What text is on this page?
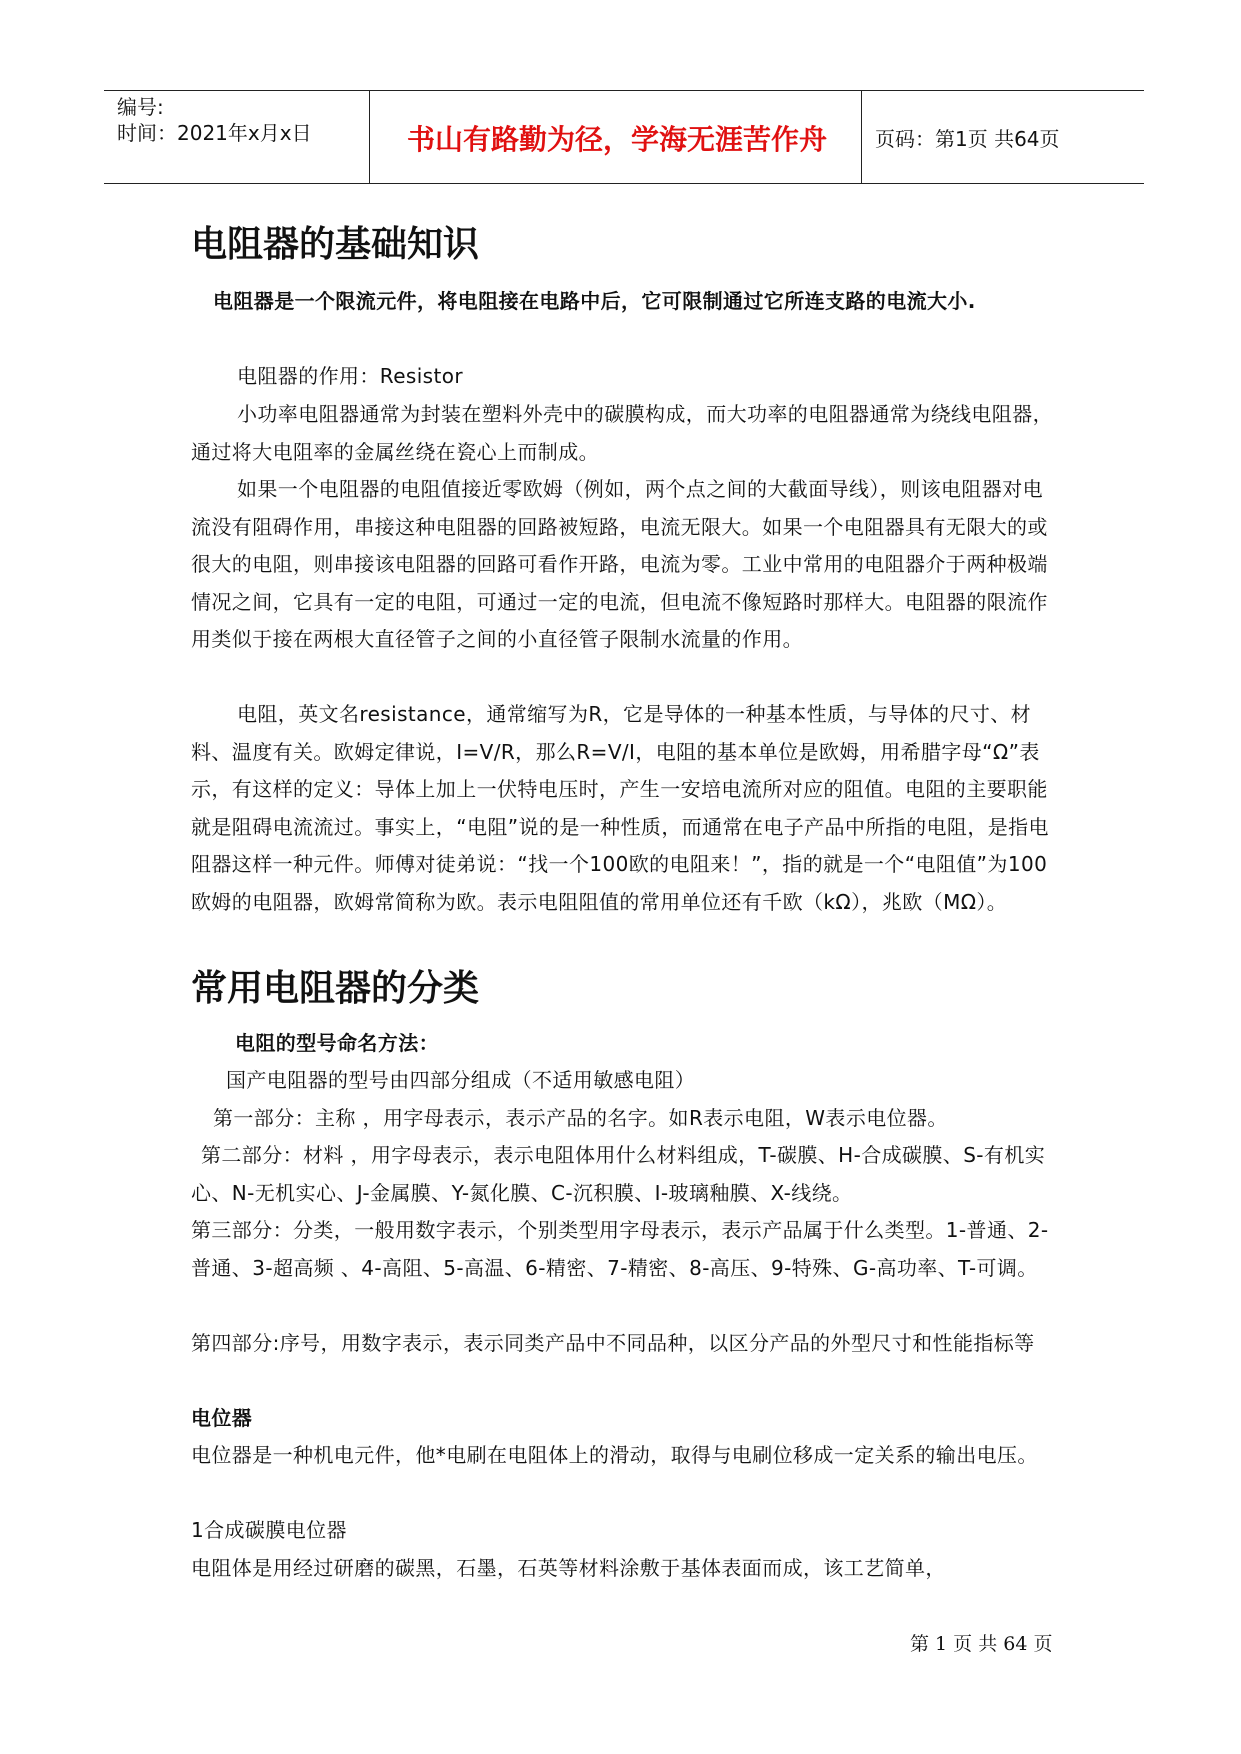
编号:
时间：2021年x月x日	书山有路勤为径，学海无涯苦作舟	页码：第1页 共64页
电阻器的基础知识
电阻器是一个限流元件，将电阻接在电路中后，它可限制通过它所连支路的电流大小.
电阻器的作用：Resistor
小功率电阻器通常为封装在塑料外壳中的碳膜构成，而大功率的电阻器通常为绕线电阻器，通过将大电阻率的金属丝绕在瓷心上而制成。
如果一个电阻器的电阻值接近零欧姆（例如，两个点之间的大截面导线），则该电阻器对电流没有阻碍作用，串接这种电阻器的回路被短路，电流无限大。如果一个电阻器具有无限大的或很大的电阻，则串接该电阻器的回路可看作开路，电流为零。工业中常用的电阻器介于两种极端情况之间，它具有一定的电阻，可通过一定的电流，但电流不像短路时那样大。电阻器的限流作用类似于接在两根大直径管子之间的小直径管子限制水流量的作用。
电阻，英文名resistance，通常缩写为R，它是导体的一种基本性质，与导体的尺寸、材料、温度有关。欧姆定律说，I=V/R，那么R=V/I，电阻的基本单位是欧姆，用希腊字母“Ω”表示，有这样的定义：导体上加上一伏特电压时，产生一安培电流所对应的阻值。电阻的主要职能就是阻碍电流流过。事实上，“电阻”说的是一种性质，而通常在电子产品中所指的电阻，是指电阻器这样一种元件。师傅对徒弟说：“找一个100欧的电阻来！”，指的就是一个“电阻值”为100欧姆的电阻器，欧姆常简称为欧。表示电阻阻值的常用单位还有千欧（kΩ），兆欧（MΩ）。
常用电阻器的分类
电阻的型号命名方法：
国产电阻器的型号由四部分组成（不适用敏感电阻）
第一部分：主称 ，用字母表示，表示产品的名字。如R表示电阻，W表示电位器。
第二部分：材料 ，用字母表示，表示电阻体用什么材料组成，T-碳膜、H-合成碳膜、S-有机实心、N-无机实心、J-金属膜、Y-氮化膜、C-沉积膜、I-玻璃釉膜、X-线绕。
第三部分：分类，一般用数字表示，个别类型用字母表示，表示产品属于什么类型。1-普通、2-普通、3-超高频 、4-高阻、5-高温、6-精密、7-精密、8-高压、9-特殊、G-高功率、T-可调。
第四部分:序号，用数字表示，表示同类产品中不同品种，以区分产品的外型尺寸和性能指标等
电位器
电位器是一种机电元件，他*电刷在电阻体上的滑动，取得与电刷位移成一定关系的输出电压。
1合成碳膜电位器
电阻体是用经过研磨的碳黑，石墨，石英等材料涂敷于基体表面而成，该工艺简单，
第 1 页 共 64 页
